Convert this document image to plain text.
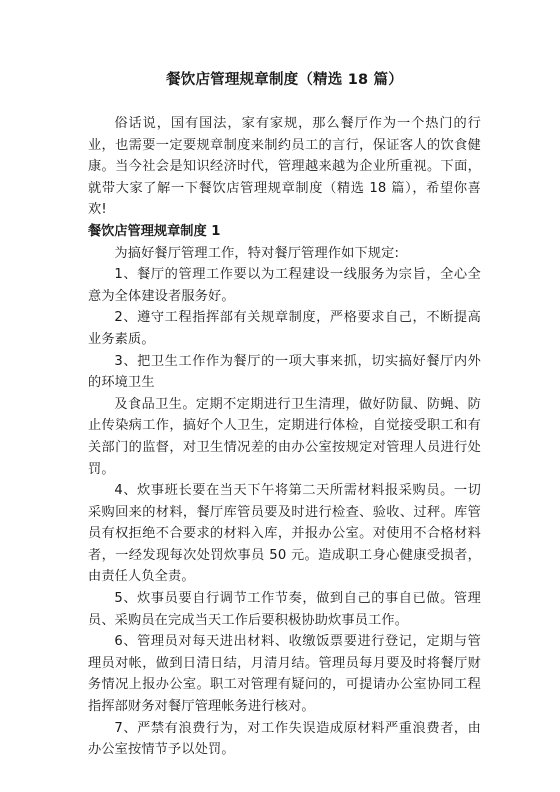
餐饮店管理规章制度（精选 18 篇）

俗话说，国有国法，家有家规，那么餐厅作为一个热门的行业，也需要一定要规章制度来制约员工的言行，保证客人的饮食健康。当今社会是知识经济时代，管理越来越为企业所重视。下面，就带大家了解一下餐饮店管理规章制度（精选 18 篇），希望你喜欢!

餐饮店管理规章制度 1

为搞好餐厅管理工作，特对餐厅管理作如下规定:

1、餐厅的管理工作要以为工程建设一线服务为宗旨，全心全意为全体建设者服务好。

2、遵守工程指挥部有关规章制度，严格要求自己，不断提高业务素质。

3、把卫生工作作为餐厅的一项大事来抓，切实搞好餐厅内外的环境卫生

及食品卫生。定期不定期进行卫生清理，做好防鼠、防蝇、防止传染病工作，搞好个人卫生，定期进行体检，自觉接受职工和有关部门的监督，对卫生情况差的由办公室按规定对管理人员进行处罚。

4、炊事班长要在当天下午将第二天所需材料报采购员。一切采购回来的材料，餐厅库管员要及时进行检查、验收、过秤。库管员有权拒绝不合要求的材料入库，并报办公室。对使用不合格材料者，一经发现每次处罚炊事员 50 元。造成职工身心健康受损者，由责任人负全责。

5、炊事员要自行调节工作节奏，做到自己的事自已做。管理员、采购员在完成当天工作后要积极协助炊事员工作。

6、管理员对每天进出材料、收缴饭票要进行登记，定期与管理员对帐，做到日清日结，月清月结。管理员每月要及时将餐厅财务情况上报办公室。职工对管理有疑问的，可提请办公室协同工程指挥部财务对餐厅管理帐务进行核对。

7、严禁有浪费行为，对工作失误造成原材料严重浪费者，由办公室按情节予以处罚。
